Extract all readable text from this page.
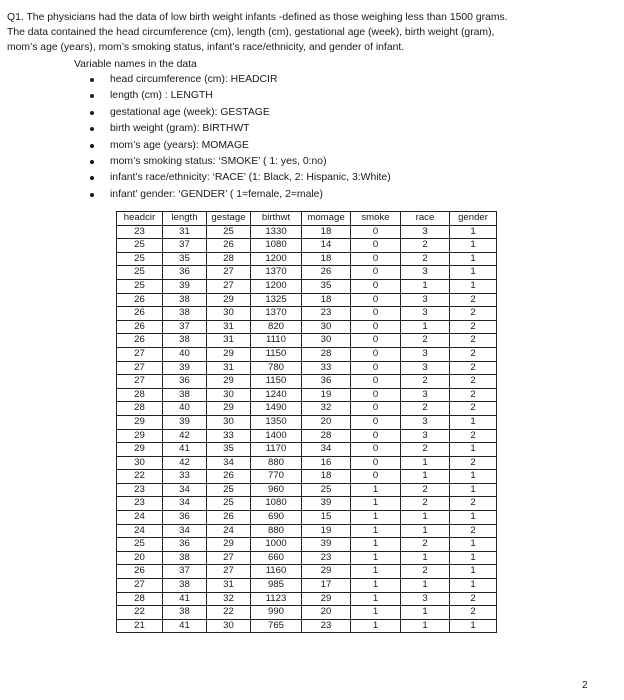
Q1. The physicians had the data of low birth weight infants -defined as those weighing less than 1500 grams.
The data contained the head circumference (cm), length (cm), gestational age (week), birth weight (gram),
mom’s age (years), mom’s smoking status, infant’s race/ethnicity, and gender of infant.
Variable names in the data
head circumference (cm): HEADCIR
length (cm) : LENGTH
gestational age (week): GESTAGE
birth weight (gram): BIRTHWT
mom’s age (years): MOMAGE
mom’s smoking status: ‘SMOKE’ ( 1: yes, 0:no)
infant’s race/ethnicity: ‘RACE’ (1: Black, 2: Hispanic, 3:White)
infant’ gender: ‘GENDER’ ( 1=female, 2=male)
headcir	length	gestage	birthwt	momage	smoke	race	gender
23	31	25	1330	18	0	3	1
25	37	26	1080	14	0	2	1
25	35	28	1200	18	0	2	1
25	36	27	1370	26	0	3	1
25	39	27	1200	35	0	1	1
26	38	29	1325	18	0	3	2
26	38	30	1370	23	0	3	2
26	37	31	820	30	0	1	2
26	38	31	1110	30	0	2	2
27	40	29	1150	28	0	3	2
27	39	31	780	33	0	3	2
27	36	29	1150	36	0	2	2
28	38	30	1240	19	0	3	2
28	40	29	1490	32	0	2	2
29	39	30	1350	20	0	3	1
29	42	33	1400	28	0	3	2
29	41	35	1170	34	0	2	1
30	42	34	880	16	0	1	2
22	33	26	770	18	0	1	1
23	34	25	960	25	1	2	1
23	34	25	1080	39	1	2	2
24	36	26	690	15	1	1	1
24	34	24	880	19	1	1	2
25	36	29	1000	39	1	2	1
20	38	27	660	23	1	1	1
26	37	27	1160	29	1	2	1
27	38	31	985	17	1	1	1
28	41	32	1123	29	1	3	2
22	38	22	990	20	1	1	2
21	41	30	765	23	1	1	1
2
